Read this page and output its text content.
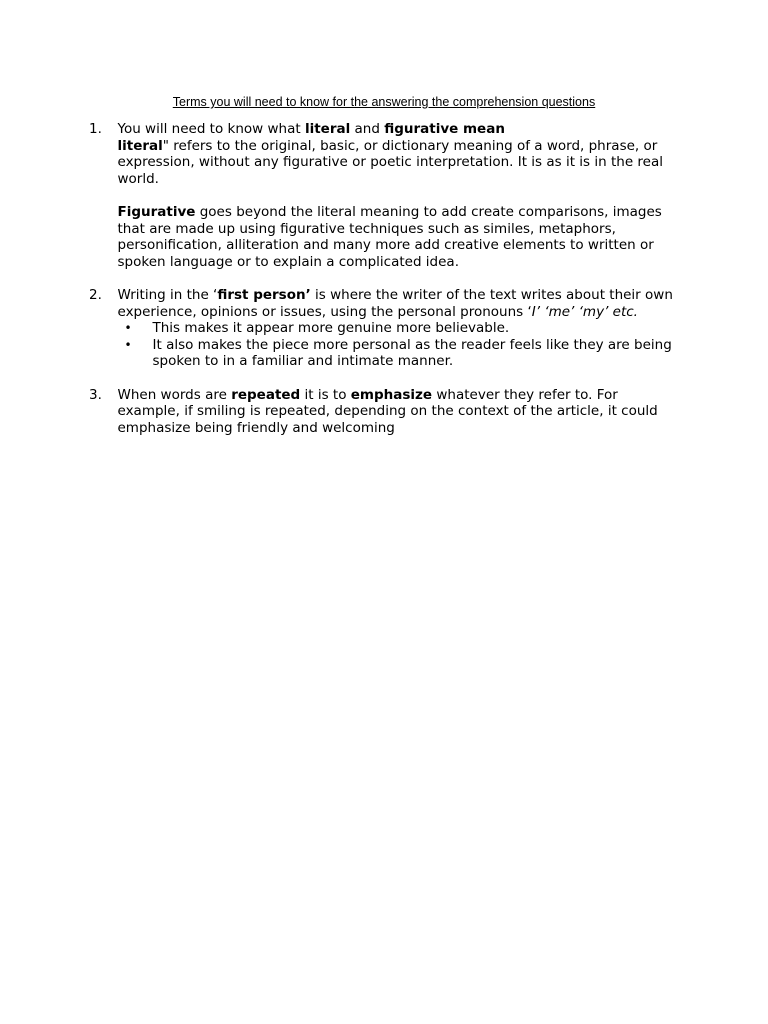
Terms you will need to know for the answering the comprehension questions
1. You will need to know what literal and figurative mean
literal" refers to the original, basic, or dictionary meaning of a word, phrase, or expression, without any figurative or poetic interpretation. It is as it is in the real world.

Figurative goes beyond the literal meaning to add create comparisons, images that are made up using figurative techniques such as similes, metaphors, personification, alliteration and many more add creative elements to written or spoken language or to explain a complicated idea.

2. Writing in the ‘first person’ is where the writer of the text writes about their own experience, opinions or issues, using the personal pronouns ‘I’ ‘me’ ‘my’ etc.

• This makes it appear more genuine more believable.
• It also makes the piece more personal as the reader feels like they are being spoken to in a familiar and intimate manner.
3. When words are repeated it is to emphasize whatever they refer to. For example, if smiling is repeated, depending on the context of the article, it could emphasize being friendly and welcoming
